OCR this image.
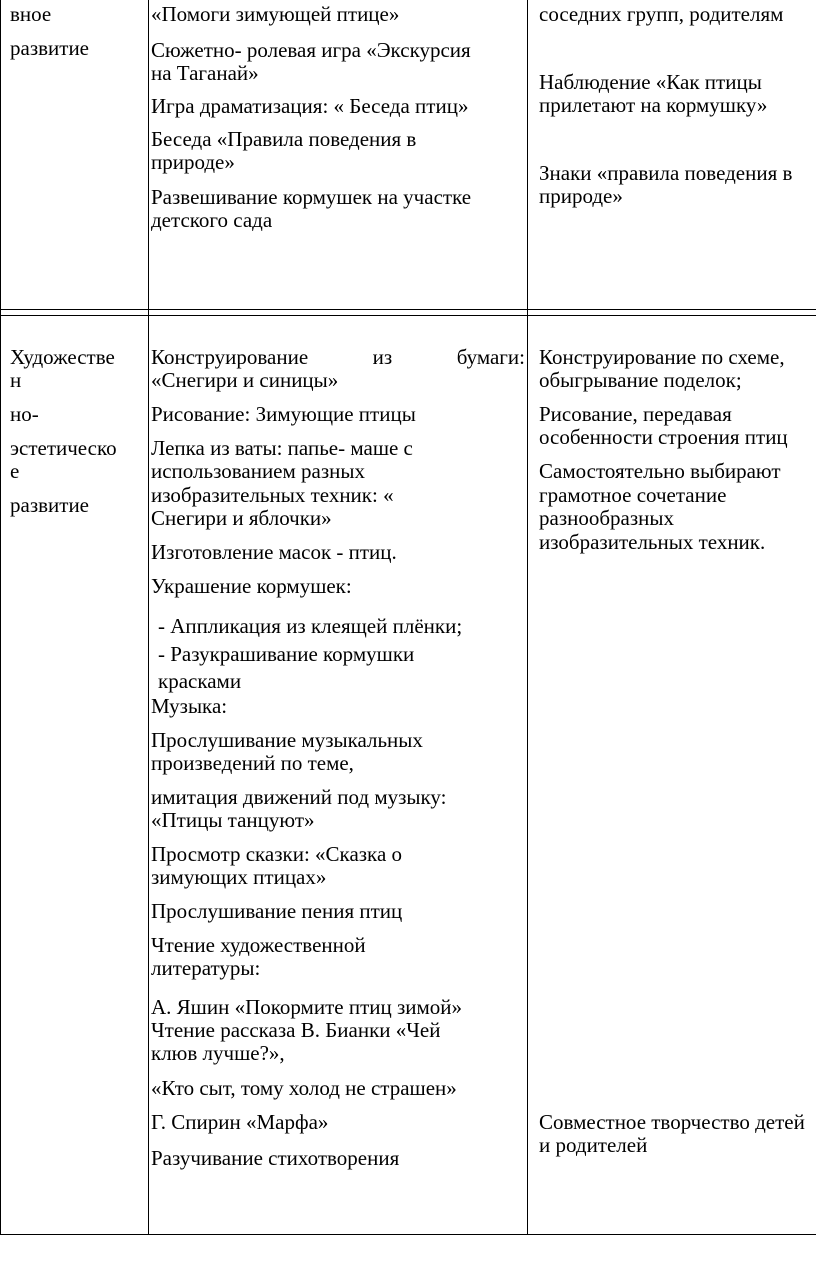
вное
развитие
«Помоги зимующей птице»
Сюжетно- ролевая игра «Экскурсия
на Таганай»
Игра драматизация: « Беседа птиц»
Беседа «Правила поведения в
природе»
Развешивание кормушек на участке
детского сада
соседних групп, родителям
Наблюдение «Как птицы
прилетают на кормушку»
Знаки «правила поведения в
природе»
Художестве
н
но-
эстетическо
е
развитие
Конструирование	из	бумаги:
«Снегири и синицы»
Рисование: Зимующие птицы
Лепка из ваты: папье- маше с
использованием разных
изобразительных техник: «
Снегири и яблочки»
Изготовление масок - птиц.
Украшение кормушек:
- Аппликация из клеящей плёнки;
- Разукрашивание кормушки
красками
Музыка:
Прослушивание музыкальных
произведений по теме,
имитация движений под музыку:
«Птицы танцуют»
Просмотр сказки: «Сказка о
зимующих птицах»
Прослушивание пения птиц
Чтение художественной
литературы:
А. Яшин «Покормите птиц зимой»
Чтение рассказа В. Бианки «Чей
клюв лучше?»,
«Кто сыт, тому холод не страшен»
Г. Спирин «Марфа»
Разучивание стихотворения
Конструирование по схеме,
обыгрывание поделок;
Рисование, передавая
особенности строения птиц
Самостоятельно выбирают
грамотное сочетание
разнообразных
изобразительных техник.
Совместное творчество детей
и родителей
